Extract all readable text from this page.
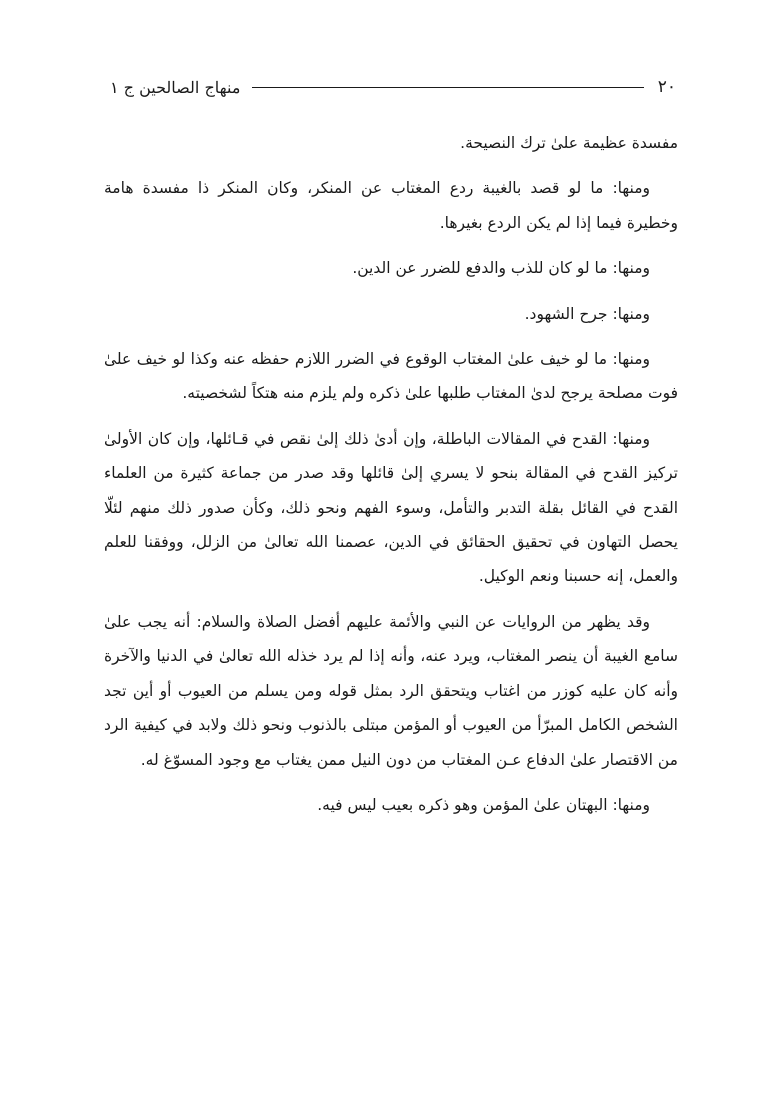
٢٠
منهاج الصالحين ج ١

مفسدة عظيمة علىٰ ترك النصيحة.

ومنها: ما لو قصد بالغيبة ردع المغتاب عن المنكر، وكان المنكر ذا مفسدة هامة وخطيرة فيما إذا لم يكن الردع بغيرها.

ومنها: ما لو كان للذب والدفع للضرر عن الدين.

ومنها: جرح الشهود.

ومنها: ما لو خيف علىٰ المغتاب الوقوع في الضرر اللازم حفظه عنه وكذا لو خيف علىٰ فوت مصلحة يرجح لدىٰ المغتاب طلبها علىٰ ذكره ولم يلزم منه هتكاً لشخصيته.

ومنها: القدح في المقالات الباطلة، وإن أدىٰ ذلك إلىٰ نقص في قـائلها، وإن كان الأولىٰ تركيز القدح في المقالة بنحو لا يسري إلىٰ قائلها وقد صدر من جماعة كثيرة من العلماء القدح في القائل بقلة التدبر والتأمل، وسوء الفهم ونحو ذلك، وكأن صدور ذلك منهم لئلّا يحصل التهاون في تحقيق الحقائق في الدين، عصمنا الله تعالىٰ من الزلل، ووفقنا للعلم والعمل، إنه حسبنا ونعم الوكيل.

وقد يظهر من الروايات عن النبي والأئمة عليهم أفضل الصلاة والسلام: أنه يجب علىٰ سامع الغيبة أن ينصر المغتاب، ويرد عنه، وأنه إذا لم يرد خذله الله تعالىٰ في الدنيا والآخرة وأنه كان عليه كوزر من اغتاب ويتحقق الرد بمثل قوله ومن يسلم من العيوب أو أين تجد الشخص الكامل المبرّأ من العيوب أو المؤمن مبتلى بالذنوب ونحو ذلك ولابد في كيفية الرد من الاقتصار علىٰ الدفاع عـن المغتاب من دون النيل ممن يغتاب مع وجود المسوّغ له.

ومنها: البهتان علىٰ المؤمن وهو ذكره بعيب ليس فيه.
